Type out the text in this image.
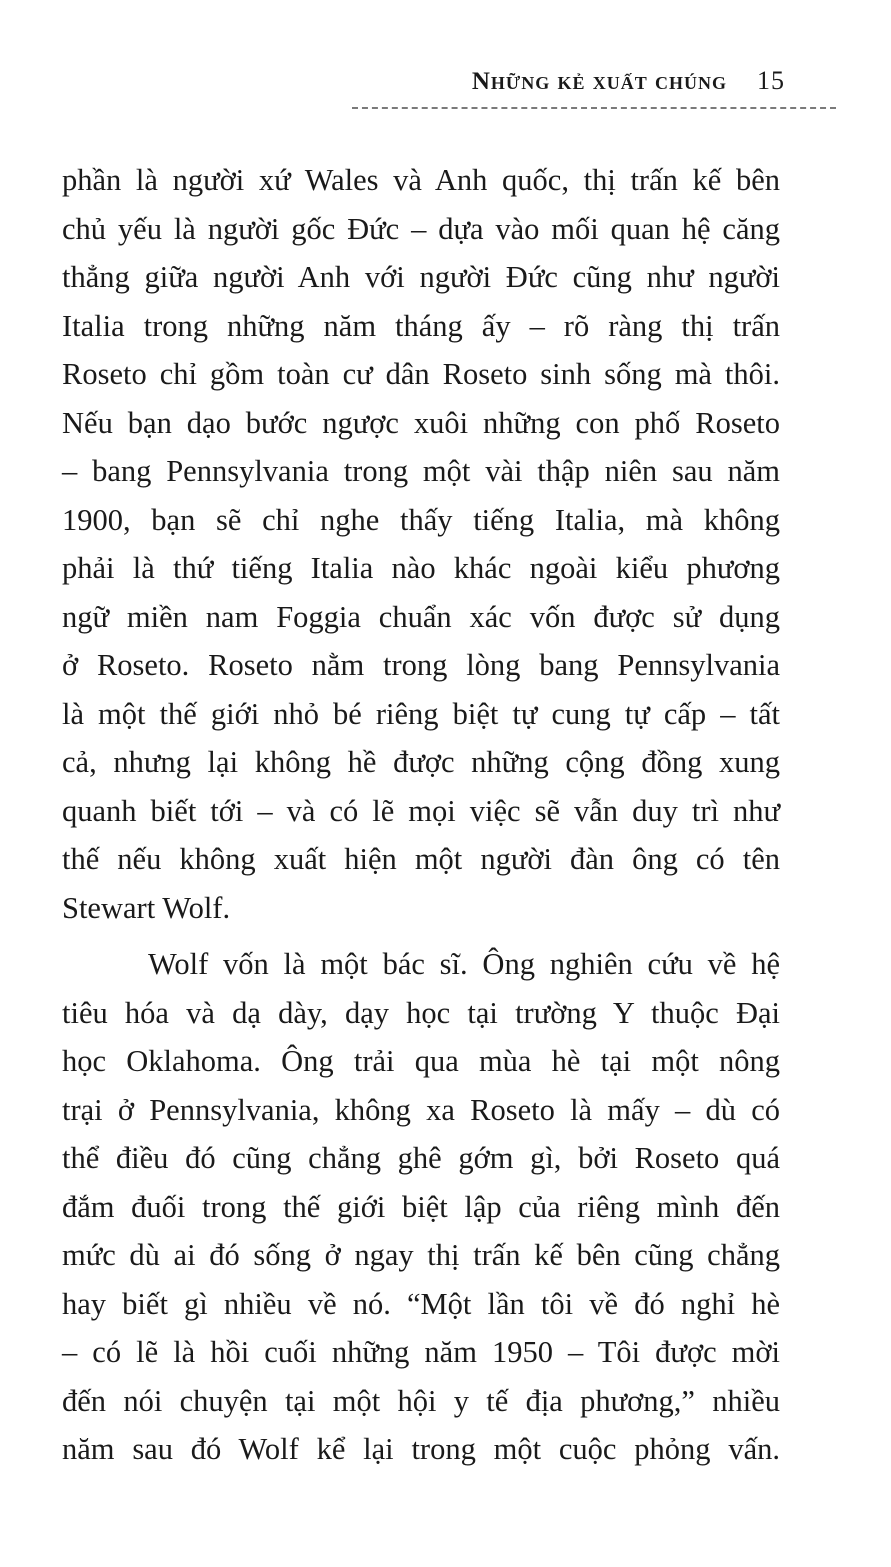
Những kẻ xuất chúng 15
phần là người xứ Wales và Anh quốc, thị trấn kế bên
chủ yếu là người gốc Đức – dựa vào mối quan hệ căng
thẳng giữa người Anh với người Đức cũng như người
Italia trong những năm tháng ấy – rõ ràng thị trấn
Roseto chỉ gồm toàn cư dân Roseto sinh sống mà thôi.
Nếu bạn dạo bước ngược xuôi những con phố Roseto
– bang Pennsylvania trong một vài thập niên sau năm
1900, bạn sẽ chỉ nghe thấy tiếng Italia, mà không
phải là thứ tiếng Italia nào khác ngoài kiểu phương
ngữ miền nam Foggia chuẩn xác vốn được sử dụng
ở Roseto. Roseto nằm trong lòng bang Pennsylvania
là một thế giới nhỏ bé riêng biệt tự cung tự cấp – tất
cả, nhưng lại không hề được những cộng đồng xung
quanh biết tới – và có lẽ mọi việc sẽ vẫn duy trì như
thế nếu không xuất hiện một người đàn ông có tên
Stewart Wolf.
Wolf vốn là một bác sĩ. Ông nghiên cứu về hệ
tiêu hóa và dạ dày, dạy học tại trường Y thuộc Đại
học Oklahoma. Ông trải qua mùa hè tại một nông
trại ở Pennsylvania, không xa Roseto là mấy – dù có
thể điều đó cũng chẳng ghê gớm gì, bởi Roseto quá
đắm đuối trong thế giới biệt lập của riêng mình đến
mức dù ai đó sống ở ngay thị trấn kế bên cũng chẳng
hay biết gì nhiều về nó. “Một lần tôi về đó nghỉ hè
– có lẽ là hồi cuối những năm 1950 – Tôi được mời
đến nói chuyện tại một hội y tế địa phương,” nhiều
năm sau đó Wolf kể lại trong một cuộc phỏng vấn.
